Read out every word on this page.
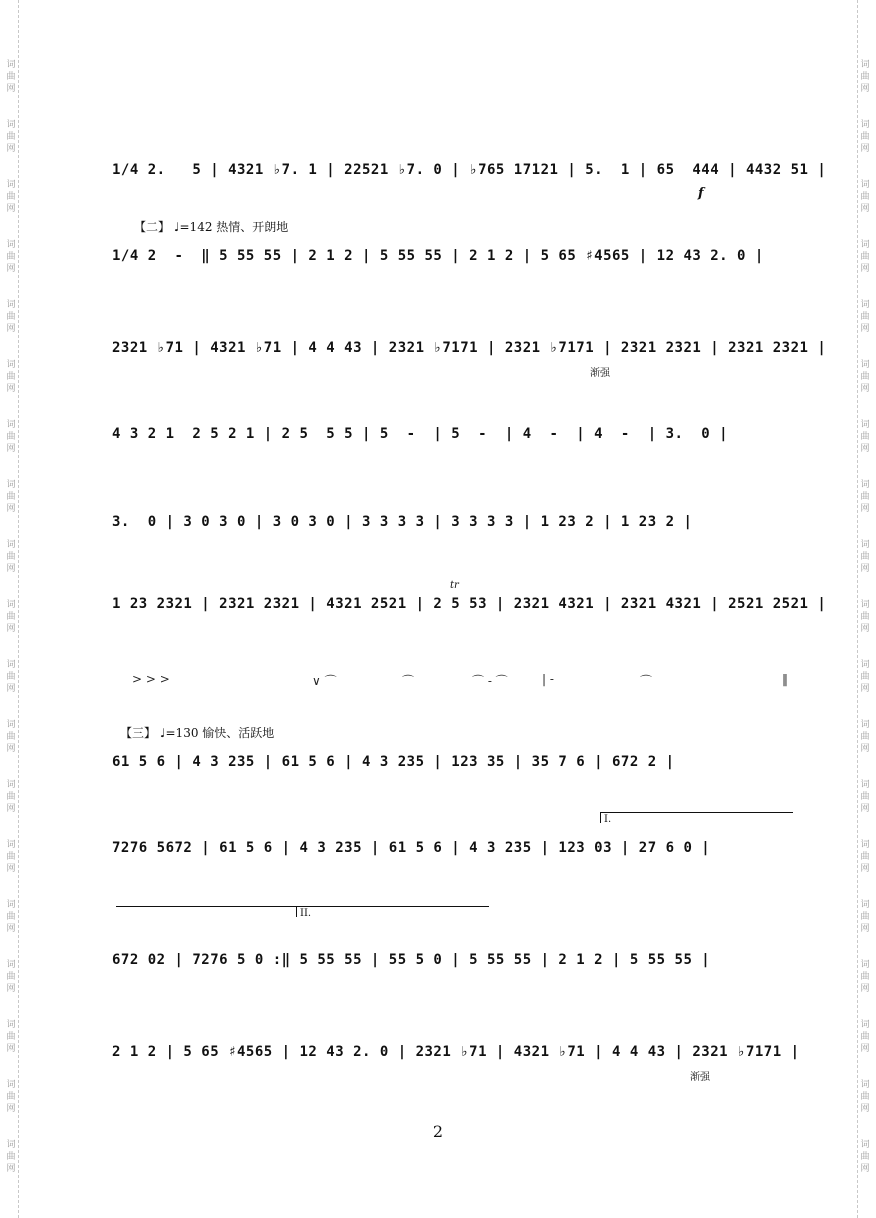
词
曲
网
词
曲
网
词
曲
网
词
曲
网
词
曲
网
词
曲
网
词
曲
网
词
曲
网
词
曲
网
词
曲
网
词
曲
网
词
曲
网
词
曲
网
词
曲
网
词
曲
网
词
曲
网
词
曲
网
词
曲
网
词
曲
网
词
曲
网
词
曲
网
词
曲
网
词
曲
网
词
曲
网
词
曲
网
词
曲
网
词
曲
网
词
曲
网
词
曲
网
词
曲
网
词
曲
网
词
曲
网
词
曲
网
词
曲
网
词
曲
网
词
曲
网
词
曲
网
词
曲
网
1/4 2.   5 | 4321 ♭7. 1 | 22521 ♭7. 0 | ♭765 17121 | 5.  1 | 65  444 | 4432 51 |
f
【二】 ♩=142 热情、开朗地
1/4 2  -  ‖ 5 55 55 | 2 1 2 | 5 55 55 | 2 1 2 | 5 65 ♯4565 | 12 43 2. 0 |
2321 ♭71 | 4321 ♭71 | 4 4 43 | 2321 ♭7171 | 2321 ♭7171 | 2321 2321 | 2321 2321 |
渐强
4 3 2 1  2 5 2 1 | 2 5  5 5 | 5  -  | 5  -  | 4  -  | 4  -  | 3.  0 |
3.  0 | 3 0 3 0 | 3 0 3 0 | 3 3 3 3 | 3 3 3 3 | 1 23 2 | 1 23 2 |
1 23 2321 | 2321 2321 | 4321 2521 | 2 5 53 | 2321 4321 | 2321 4321 | 2521 2521 |
tr
> > >	∨ ⌒	⌒	⌒ - ⌒	| -	⌒	‖
【三】 ♩=130 愉快、活跃地
61 5 6 | 4 3 235 | 61 5 6 | 4 3 235 | 123 35 | 35 7 6 | 672 2 |
I.
7276 5672 | 61 5 6 | 4 3 235 | 61 5 6 | 4 3 235 | 123 03 | 27 6 0 |
II.
672 02 | 7276 5 0 :‖ 5 55 55 | 55 5 0 | 5 55 55 | 2 1 2 | 5 55 55 |
2 1 2 | 5 65 ♯4565 | 12 43 2. 0 | 2321 ♭71 | 4321 ♭71 | 4 4 43 | 2321 ♭7171 |
渐强
2
